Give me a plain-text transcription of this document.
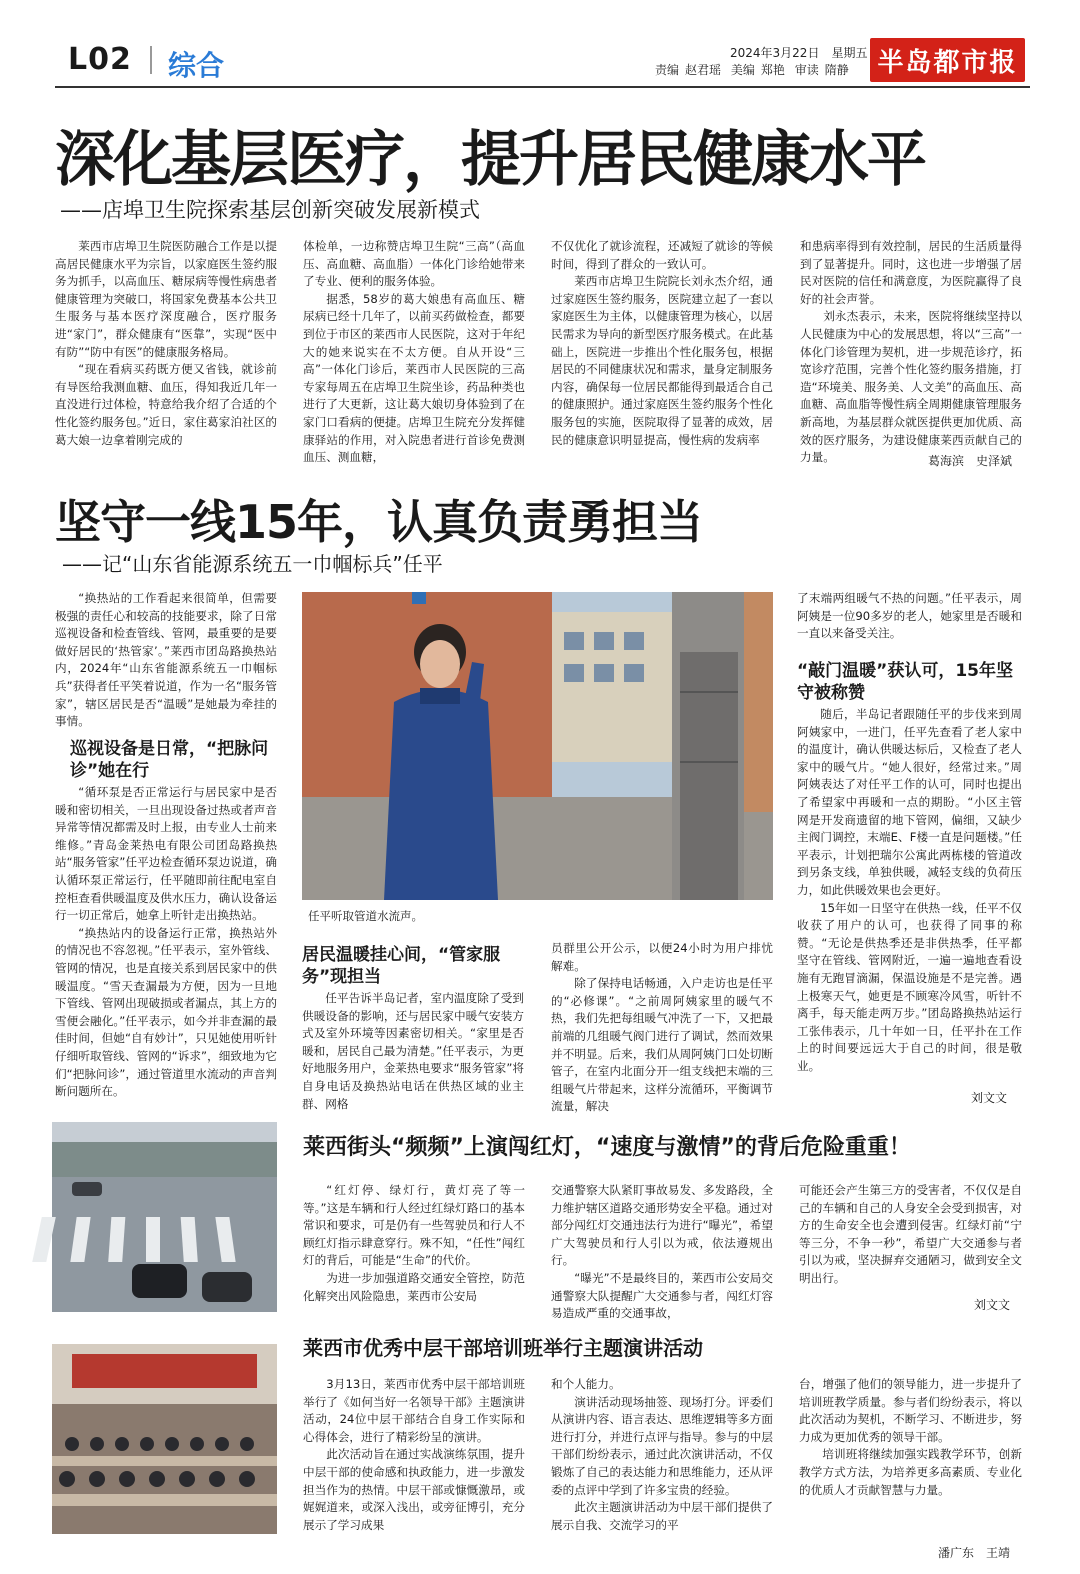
L02 综合	2024年3月22日　星期五
责编 赵君瑶 美编 郑艳 审读 隋静 半岛都市报
深化基层医疗，提升居民健康水平
——店埠卫生院探索基层创新突破发展新模式

莱西市店埠卫生院医防融合工作是以提高居民健康水平为宗旨，以家庭医生签约服务为抓手，以高血压、糖尿病等慢性病患者健康管理为突破口，将国家免费基本公共卫生服务与基本医疗深度融合，医疗服务进“家门”，群众健康有“医靠”，实现“医中有防”“防中有医”的健康服务格局。

“现在看病买药既方便又省钱，就诊前有导医给我测血糖、血压，得知我近几年一直没进行过体检，特意给我介绍了合适的个性化签约服务包。”近日，家住葛家泊社区的葛大娘一边拿着刚完成的

体检单，一边称赞店埠卫生院“三高”（高血压、高血糖、高血脂）一体化门诊给她带来了专业、便利的服务体验。

据悉，58岁的葛大娘患有高血压、糖尿病已经十几年了，以前买药做检查，都要到位于市区的莱西市人民医院，这对于年纪大的她来说实在不太方便。自从开设“三高”一体化门诊后，莱西市人民医院的三高专家每周五在店埠卫生院坐诊，药品种类也进行了大更新，这让葛大娘切身体验到了在家门口看病的便捷。店埠卫生院充分发挥健康驿站的作用，对入院患者进行首诊免费测血压、测血糖，

不仅优化了就诊流程，还减短了就诊的等候时间，得到了群众的一致认可。

莱西市店埠卫生院院长刘永杰介绍，通过家庭医生签约服务，医院建立起了一套以家庭医生为主体，以健康管理为核心，以居民需求为导向的新型医疗服务模式。在此基础上，医院进一步推出个性化服务包，根据居民的不同健康状况和需求，量身定制服务内容，确保每一位居民都能得到最适合自己的健康照护。通过家庭医生签约服务个性化服务包的实施，医院取得了显著的成效，居民的健康意识明显提高，慢性病的发病率

和患病率得到有效控制，居民的生活质量得到了显著提升。同时，这也进一步增强了居民对医院的信任和满意度，为医院赢得了良好的社会声誉。

刘永杰表示，未来，医院将继续坚持以人民健康为中心的发展思想，将以“三高”一体化门诊管理为契机，进一步规范诊疗，拓宽诊疗范围，完善个性化签约服务措施，打造“环境美、服务美、人文美”的高血压、高血糖、高血脂等慢性病全周期健康管理服务新高地，为基层群众就医提供更加优质、高效的医疗服务，为建设健康莱西贡献自己的力量。	葛海滨　史泽斌
坚守一线15年，认真负责勇担当
——记“山东省能源系统五一巾帼标兵”任平

“换热站的工作看起来很简单，但需要极强的责任心和较高的技能要求，除了日常巡视设备和检查管线、管网，最重要的是要做好居民的‘热管家’。”莱西市团岛路换热站内，2024年“山东省能源系统五一巾帼标兵”获得者任平笑着说道，作为一名“服务管家”，辖区居民是否“温暖”是她最为牵挂的事情。

巡视设备是日常，“把脉问诊”她在行

“循环泵是否正常运行与居民家中是否暖和密切相关，一旦出现设备过热或者声音异常等情况都需及时上报，由专业人士前来维修。”青岛金莱热电有限公司团岛路换热站“服务管家”任平边检查循环泵边说道，确认循环泵正常运行，任平随即前往配电室自控柜查看供暖温度及供水压力，确认设备运行一切正常后，她拿上听针走出换热站。

“换热站内的设备运行正常，换热站外的情况也不容忽视。”任平表示，室外管线、管网的情况，也是直接关系到居民家中的供暖温度。“雪天查漏最为方便，因为一旦地下管线、管网出现破损或者漏点，其上方的雪便会融化。”任平表示，如今并非查漏的最佳时间，但她“自有妙计”，只见她使用听针仔细听取管线、管网的“诉求”，细致地为它们“把脉问诊”，通过管道里水流动的声音判断问题所在。

任平听取管道水流声。
居民温暖挂心间，“管家服务”现担当

任平告诉半岛记者，室内温度除了受到供暖设备的影响，还与居民家中暖气安装方式及室外环境等因素密切相关。“家里是否暖和，居民自己最为清楚。”任平表示，为更好地服务用户，金莱热电要求“服务管家”将自身电话及换热站电话在供热区域的业主群、网格

员群里公开公示，以便24小时为用户排忧解难。

除了保持电话畅通，入户走访也是任平的“必修课”。“之前周阿姨家里的暖气不热，我们先把每组暖气冲洗了一下，又把最前端的几组暖气阀门进行了调试，然而效果并不明显。后来，我们从周阿姨门口处切断管子，在室内北面分开一组支线把末端的三组暖气片带起来，这样分流循环，平衡调节流量，解决

了末端两组暖气不热的问题。”任平表示，周阿姨是一位90多岁的老人，她家里是否暖和一直以来备受关注。

“敲门温暖”获认可，15年坚守被称赞

随后，半岛记者跟随任平的步伐来到周阿姨家中，一进门，任平先查看了老人家中的温度计，确认供暖达标后，又检查了老人家中的暖气片。“她人很好，经常过来。”周阿姨表达了对任平工作的认可，同时也提出了希望家中再暖和一点的期盼。“小区主管网是开发商遗留的地下管网，偏细，又缺少主阀门调控，末端E、F楼一直是问题楼。”任平表示，计划把瑞尔公寓此两栋楼的管道改到另条支线，单独供暖，减轻支线的负荷压力，如此供暖效果也会更好。

15年如一日坚守在供热一线，任平不仅收获了用户的认可，也获得了同事的称赞。“无论是供热季还是非供热季，任平都坚守在管线、管网附近，一遍一遍地查看设施有无跑冒滴漏，保温设施是不是完善。遇上极寒天气，她更是不顾寒冷风雪，听针不离手，每天能走两万步。”团岛路换热站运行工张伟表示，几十年如一日，任平扑在工作上的时间要远远大于自己的时间，很是敬业。

刘文文
莱西街头“频频”上演闯红灯，“速度与激情”的背后危险重重！

“红灯停、绿灯行，黄灯亮了等一等。”这是车辆和行人经过红绿灯路口的基本常识和要求，可是仍有一些驾驶员和行人不顾红灯指示肆意穿行。殊不知，“任性”闯红灯的背后，可能是“生命”的代价。

为进一步加强道路交通安全管控，防范化解突出风险隐患，莱西市公安局

交通警察大队紧盯事故易发、多发路段，全力维护辖区道路交通形势安全平稳。通过对部分闯红灯交通违法行为进行“曝光”，希望广大驾驶员和行人引以为戒，依法遵规出行。

“曝光”不是最终目的，莱西市公安局交通警察大队提醒广大交通参与者，闯红灯容易造成严重的交通事故，

可能还会产生第三方的受害者，不仅仅是自己的车辆和自己的人身安全会受到损害，对方的生命安全也会遭到侵害。红绿灯前“宁等三分，不争一秒”，希望广大交通参与者引以为戒，坚决摒弃交通陋习，做到安全文明出行。

刘文文
莱西市优秀中层干部培训班举行主题演讲活动

3月13日，莱西市优秀中层干部培训班举行了《如何当好一名领导干部》主题演讲活动，24位中层干部结合自身工作实际和心得体会，进行了精彩纷呈的演讲。

此次活动旨在通过实战演练氛围，提升中层干部的使命感和执政能力，进一步激发担当作为的热情。中层干部或慷慨激昂，或娓娓道来，或深入浅出，或旁征博引，充分展示了学习成果

和个人能力。

演讲活动现场抽签、现场打分。评委们从演讲内容、语言表达、思维逻辑等多方面进行打分，并进行点评与指导。参与的中层干部们纷纷表示，通过此次演讲活动，不仅锻炼了自己的表达能力和思维能力，还从评委的点评中学到了许多宝贵的经验。

此次主题演讲活动为中层干部们提供了展示自我、交流学习的平

台，增强了他们的领导能力，进一步提升了培训班教学质量。参与者们纷纷表示，将以此次活动为契机，不断学习、不断进步，努力成为更加优秀的领导干部。

培训班将继续加强实践教学环节，创新教学方式方法，为培养更多高素质、专业化的优质人才贡献智慧与力量。

潘广东　王靖
